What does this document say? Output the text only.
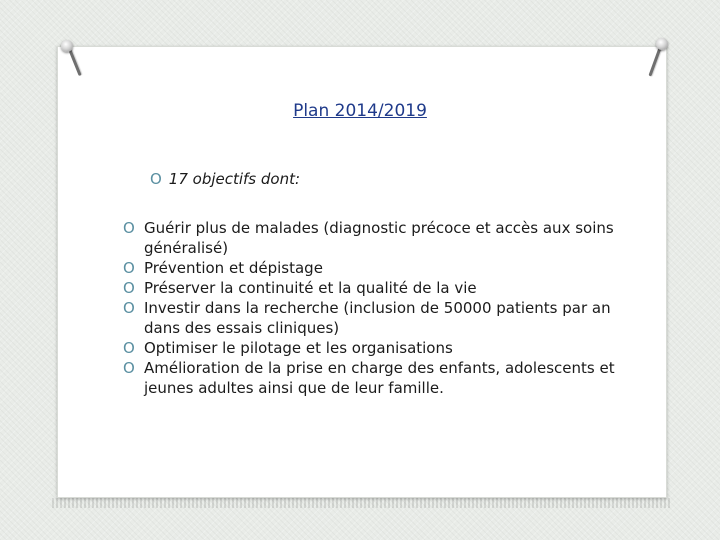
Plan 2014/2019
O 17 objectifs dont:
O Guérir plus de malades (diagnostic précoce et accès aux soins généralisé)
O Prévention et dépistage
O Préserver la continuité et la qualité de la vie
O Investir dans la recherche (inclusion de 50000 patients par an dans des essais cliniques)
O Optimiser le pilotage et les organisations
O Amélioration de la prise en charge des enfants, adolescents et jeunes adultes ainsi que de leur famille.
